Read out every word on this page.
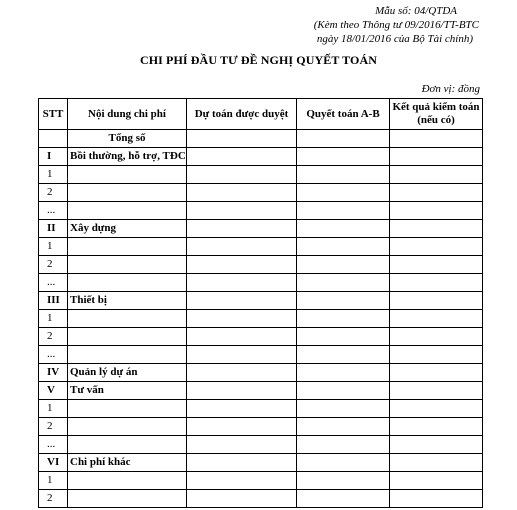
Mẫu số: 04/QTDA
(Kèm theo Thông tư 09/2016/TT-BTC
ngày 18/01/2016 của Bộ Tài chính)
CHI PHÍ ĐẦU TƯ ĐỀ NGHỊ QUYẾT TOÁN
Đơn vị: đồng
STT	Nội dung chi phí	Dự toán được duyệt	Quyết toán A-B	Kết quả kiểm toán (nếu có)
	Tổng số			
I	Bồi thường, hỗ trợ, TĐC			
1				
2				
...				
II	Xây dựng			
1				
2				
...				
III	Thiết bị			
1				
2				
...				
IV	Quản lý dự án			
V	Tư vấn			
1				
2				
...				
VI	Chi phí khác			
1				
2				
